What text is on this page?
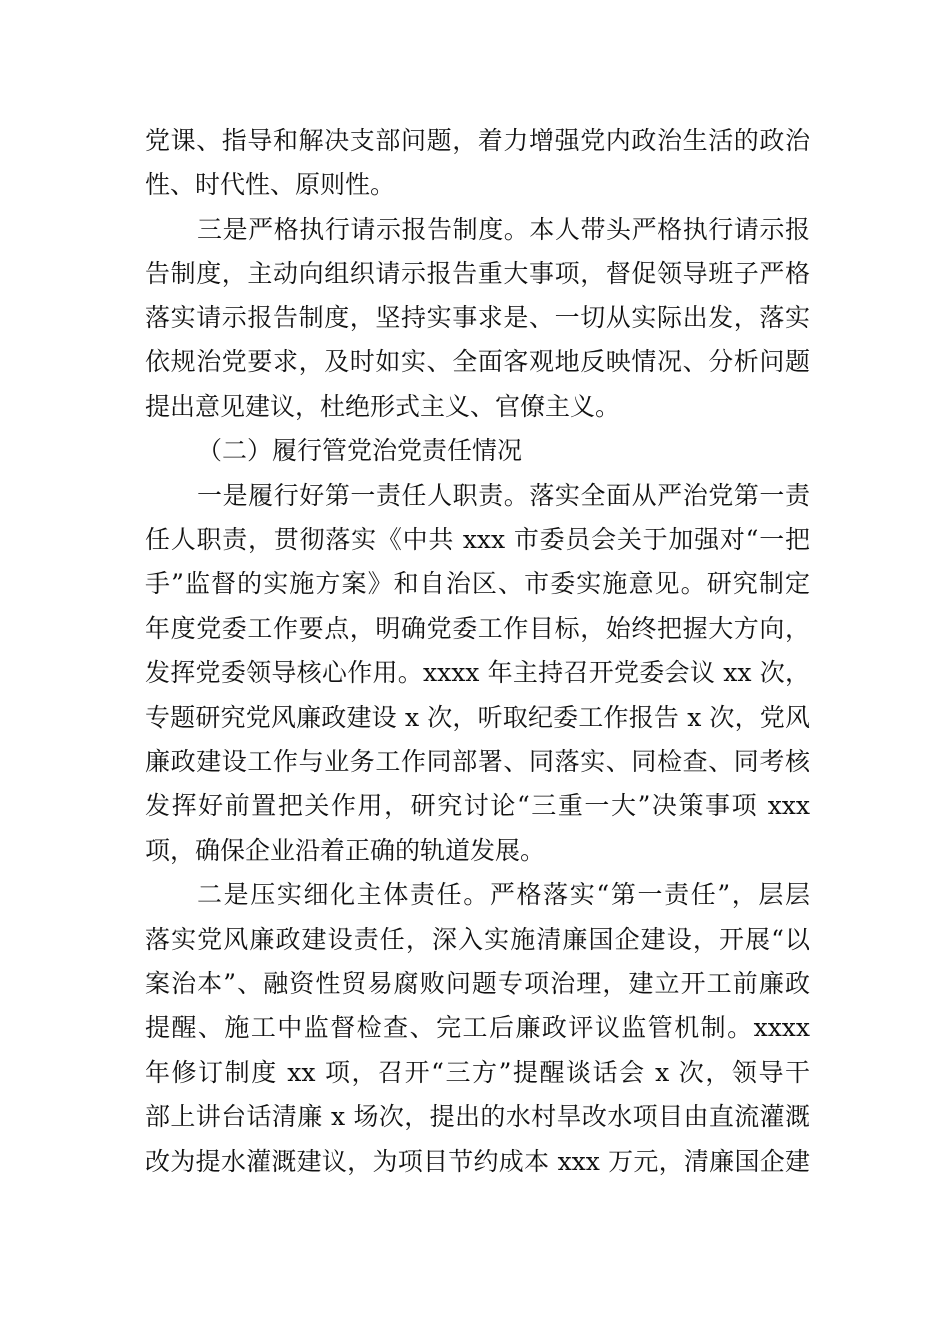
党课、指导和解决支部问题，着力增强党内政治生活的政治
性、时代性、原则性。
三是严格执行请示报告制度。本人带头严格执行请示报
告制度，主动向组织请示报告重大事项，督促领导班子严格
落实请示报告制度，坚持实事求是、一切从实际出发，落实
依规治党要求，及时如实、全面客观地反映情况、分析问题
提出意见建议，杜绝形式主义、官僚主义。
（二）履行管党治党责任情况
一是履行好第一责任人职责。落实全面从严治党第一责
任人职责，贯彻落实《中共 xxx 市委员会关于加强对“一把
手”监督的实施方案》和自治区、市委实施意见。研究制定
年度党委工作要点，明确党委工作目标，始终把握大方向，
发挥党委领导核心作用。xxxx 年主持召开党委会议 xx 次，
专题研究党风廉政建设 x 次，听取纪委工作报告 x 次，党风
廉政建设工作与业务工作同部署、同落实、同检查、同考核
发挥好前置把关作用，研究讨论“三重一大”决策事项 xxx
项，确保企业沿着正确的轨道发展。
二是压实细化主体责任。严格落实“第一责任”，层层
落实党风廉政建设责任，深入实施清廉国企建设，开展“以
案治本”、融资性贸易腐败问题专项治理，建立开工前廉政
提醒、施工中监督检查、完工后廉政评议监管机制。xxxx
年修订制度 xx 项，召开“三方”提醒谈话会 x 次，领导干
部上讲台话清廉 x 场次，提出的水村旱改水项目由直流灌溉
改为提水灌溉建议，为项目节约成本 xxx 万元，清廉国企建
